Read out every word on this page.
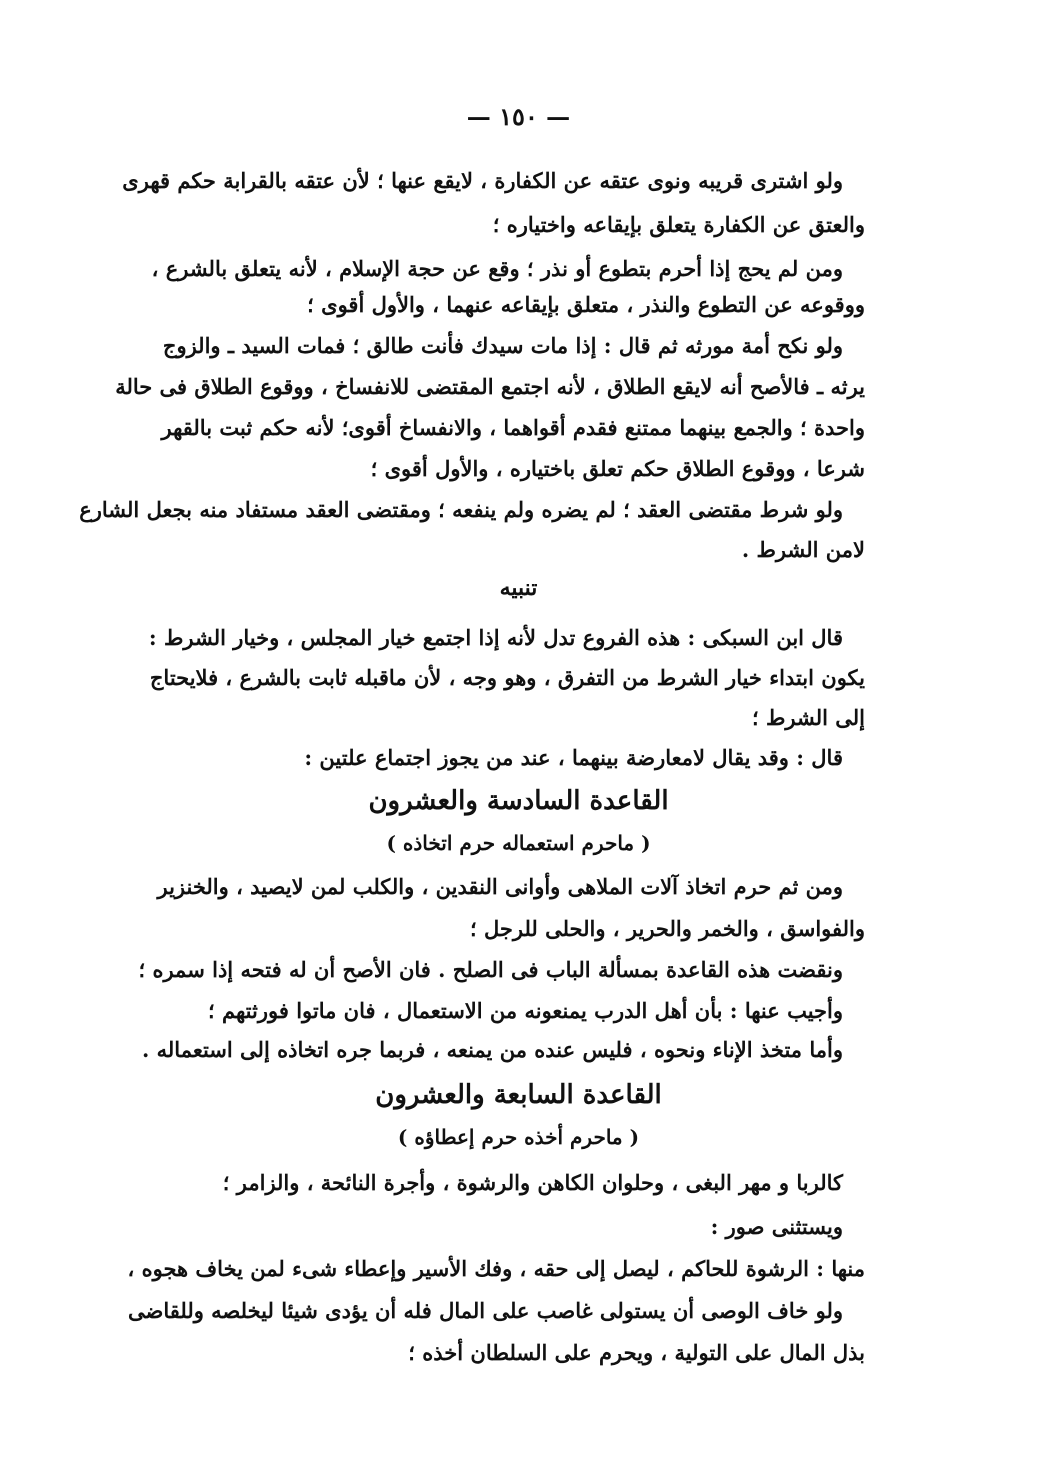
— ١٥٠ —
ولو اشترى قريبه ونوى عتقه عن الكفارة ، لايقع عنها ؛ لأن عتقه بالقرابة حكم قهرى
والعتق عن الكفارة يتعلق بإيقاعه واختياره ؛
ومن لم يحج إذا أحرم بتطوع أو نذر ؛ وقع عن حجة الإسلام ، لأنه يتعلق بالشرع ،
ووقوعه عن التطوع والنذر ، متعلق بإيقاعه عنهما ، والأول أقوى ؛
ولو نكح أمة مورثه ثم قال : إذا مات سيدك فأنت طالق ؛ فمات السيد ـ والزوج
يرثه ـ فالأصح أنه لايقع الطلاق ، لأنه اجتمع المقتضى للانفساخ ، ووقوع الطلاق فى حالة
واحدة ؛ والجمع بينهما ممتنع فقدم أقواهما ، والانفساخ أقوى؛ لأنه حكم ثبت بالقهر
شرعا ، ووقوع الطلاق حكم تعلق باختياره ، والأول أقوى ؛
ولو شرط مقتضى العقد ؛ لم يضره ولم ينفعه ؛ ومقتضى العقد مستفاد منه بجعل الشارع
لامن الشرط .
تنبيه
قال ابن السبكى : هذه الفروع تدل لأنه إذا اجتمع خيار المجلس ، وخيار الشرط :
يكون ابتداء خيار الشرط من التفرق ، وهو وجه ، لأن ماقبله ثابت بالشرع ، فلايحتاج
إلى الشرط ؛
قال : وقد يقال لامعارضة بينهما ، عند من يجوز اجتماع علتين :
القاعدة السادسة والعشرون
( ماحرم استعماله حرم اتخاذه )
ومن ثم حرم اتخاذ آلات الملاهى وأوانى النقدين ، والكلب لمن لايصيد ، والخنزير
والفواسق ، والخمر والحرير ، والحلى للرجل ؛
ونقضت هذه القاعدة بمسألة الباب فى الصلح . فان الأصح أن له فتحه إذا سمره ؛
وأجيب عنها : بأن أهل الدرب يمنعونه من الاستعمال ، فان ماتوا فورثتهم ؛
وأما متخذ الإناء ونحوه ، فليس عنده من يمنعه ، فربما جره اتخاذه إلى استعماله .
القاعدة السابعة والعشرون
( ماحرم أخذه حرم إعطاؤه )
كالربا و مهر البغى ، وحلوان الكاهن والرشوة ، وأجرة النائحة ، والزامر ؛
ويستثنى صور :
منها : الرشوة للحاكم ، ليصل إلى حقه ، وفك الأسير وإعطاء شىء لمن يخاف هجوه ،
ولو خاف الوصى أن يستولى غاصب على المال فله أن يؤدى شيئا ليخلصه وللقاضى
بذل المال على التولية ، ويحرم على السلطان أخذه ؛
